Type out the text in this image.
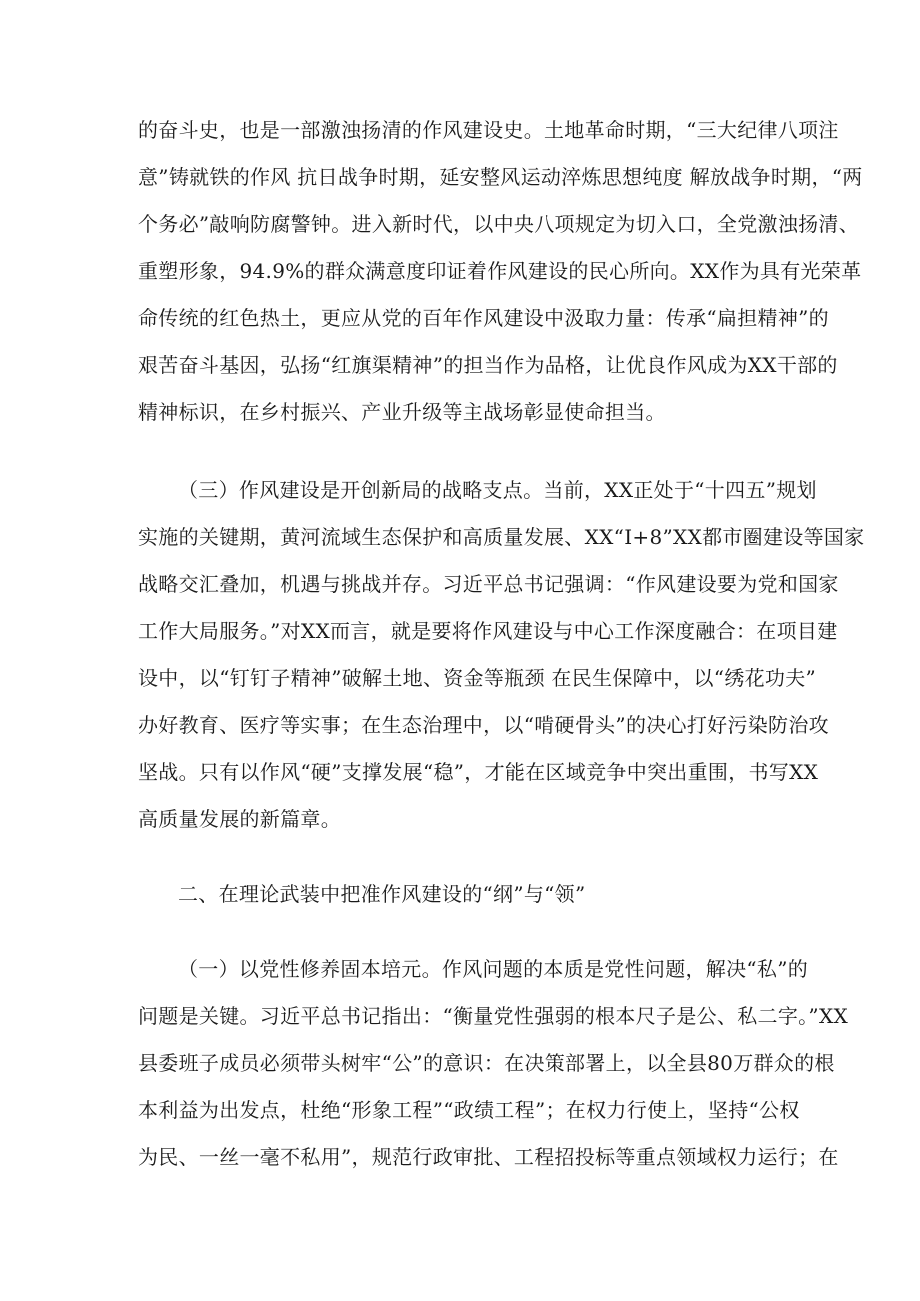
的奋斗史，也是一部激浊扬清的作风建设史。土地革命时期，“三大纪律八项注
意”铸就铁的作风 抗日战争时期，延安整风运动淬炼思想纯度 解放战争时期，“两
个务必”敲响防腐警钟。进入新时代，以中央八项规定为切入口，全党激浊扬清、
重塑形象，94.9%的群众满意度印证着作风建设的民心所向。XX作为具有光荣革
命传统的红色热土，更应从党的百年作风建设中汲取力量：传承“扁担精神”的
艰苦奋斗基因，弘扬“红旗渠精神”的担当作为品格，让优良作风成为XX干部的
精神标识，在乡村振兴、产业升级等主战场彰显使命担当。
（三）作风建设是开创新局的战略支点。当前，XX正处于“十四五”规划
实施的关键期，黄河流域生态保护和高质量发展、XX“I+8”XX都市圈建设等国家
战略交汇叠加，机遇与挑战并存。习近平总书记强调：“作风建设要为党和国家
工作大局服务。”对XX而言，就是要将作风建设与中心工作深度融合：在项目建
设中，以“钉钉子精神”破解土地、资金等瓶颈 在民生保障中，以“绣花功夫”
办好教育、医疗等实事；在生态治理中，以“啃硬骨头”的决心打好污染防治攻
坚战。只有以作风“硬”支撑发展“稳”，才能在区域竞争中突出重围，书写XX
高质量发展的新篇章。
二、在理论武装中把准作风建设的“纲”与“领”
（一）以党性修养固本培元。作风问题的本质是党性问题，解决“私”的
问题是关键。习近平总书记指出：“衡量党性强弱的根本尺子是公、私二字。”XX
县委班子成员必须带头树牢“公”的意识：在决策部署上，以全县80万群众的根
本利益为出发点，杜绝“形象工程”“政绩工程”；在权力行使上，坚持“公权
为民、一丝一毫不私用”，规范行政审批、工程招投标等重点领域权力运行；在
